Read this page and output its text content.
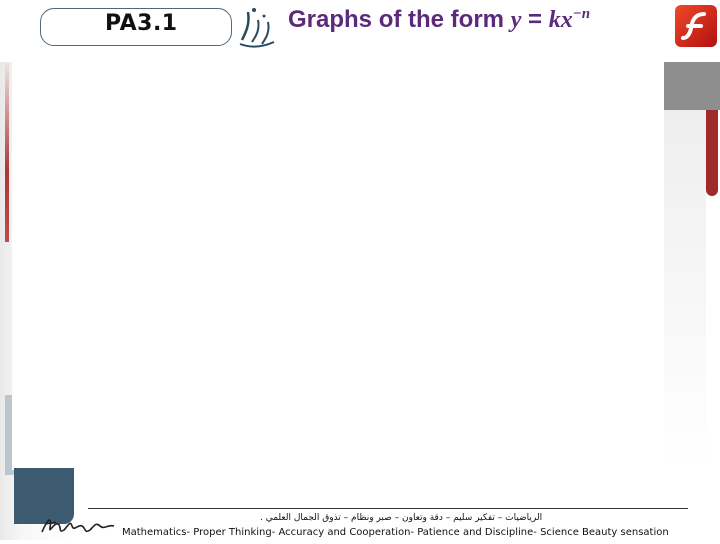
PA3.1	Graphs of the form $y = kx^{-n}$
الرياضيات – تفكير سليم – دقة وتعاون – صبر ونظام – تذوق الجمال العلمي .
Mathematics- Proper Thinking- Accuracy and Cooperation- Patience and Discipline- Science Beauty sensation
